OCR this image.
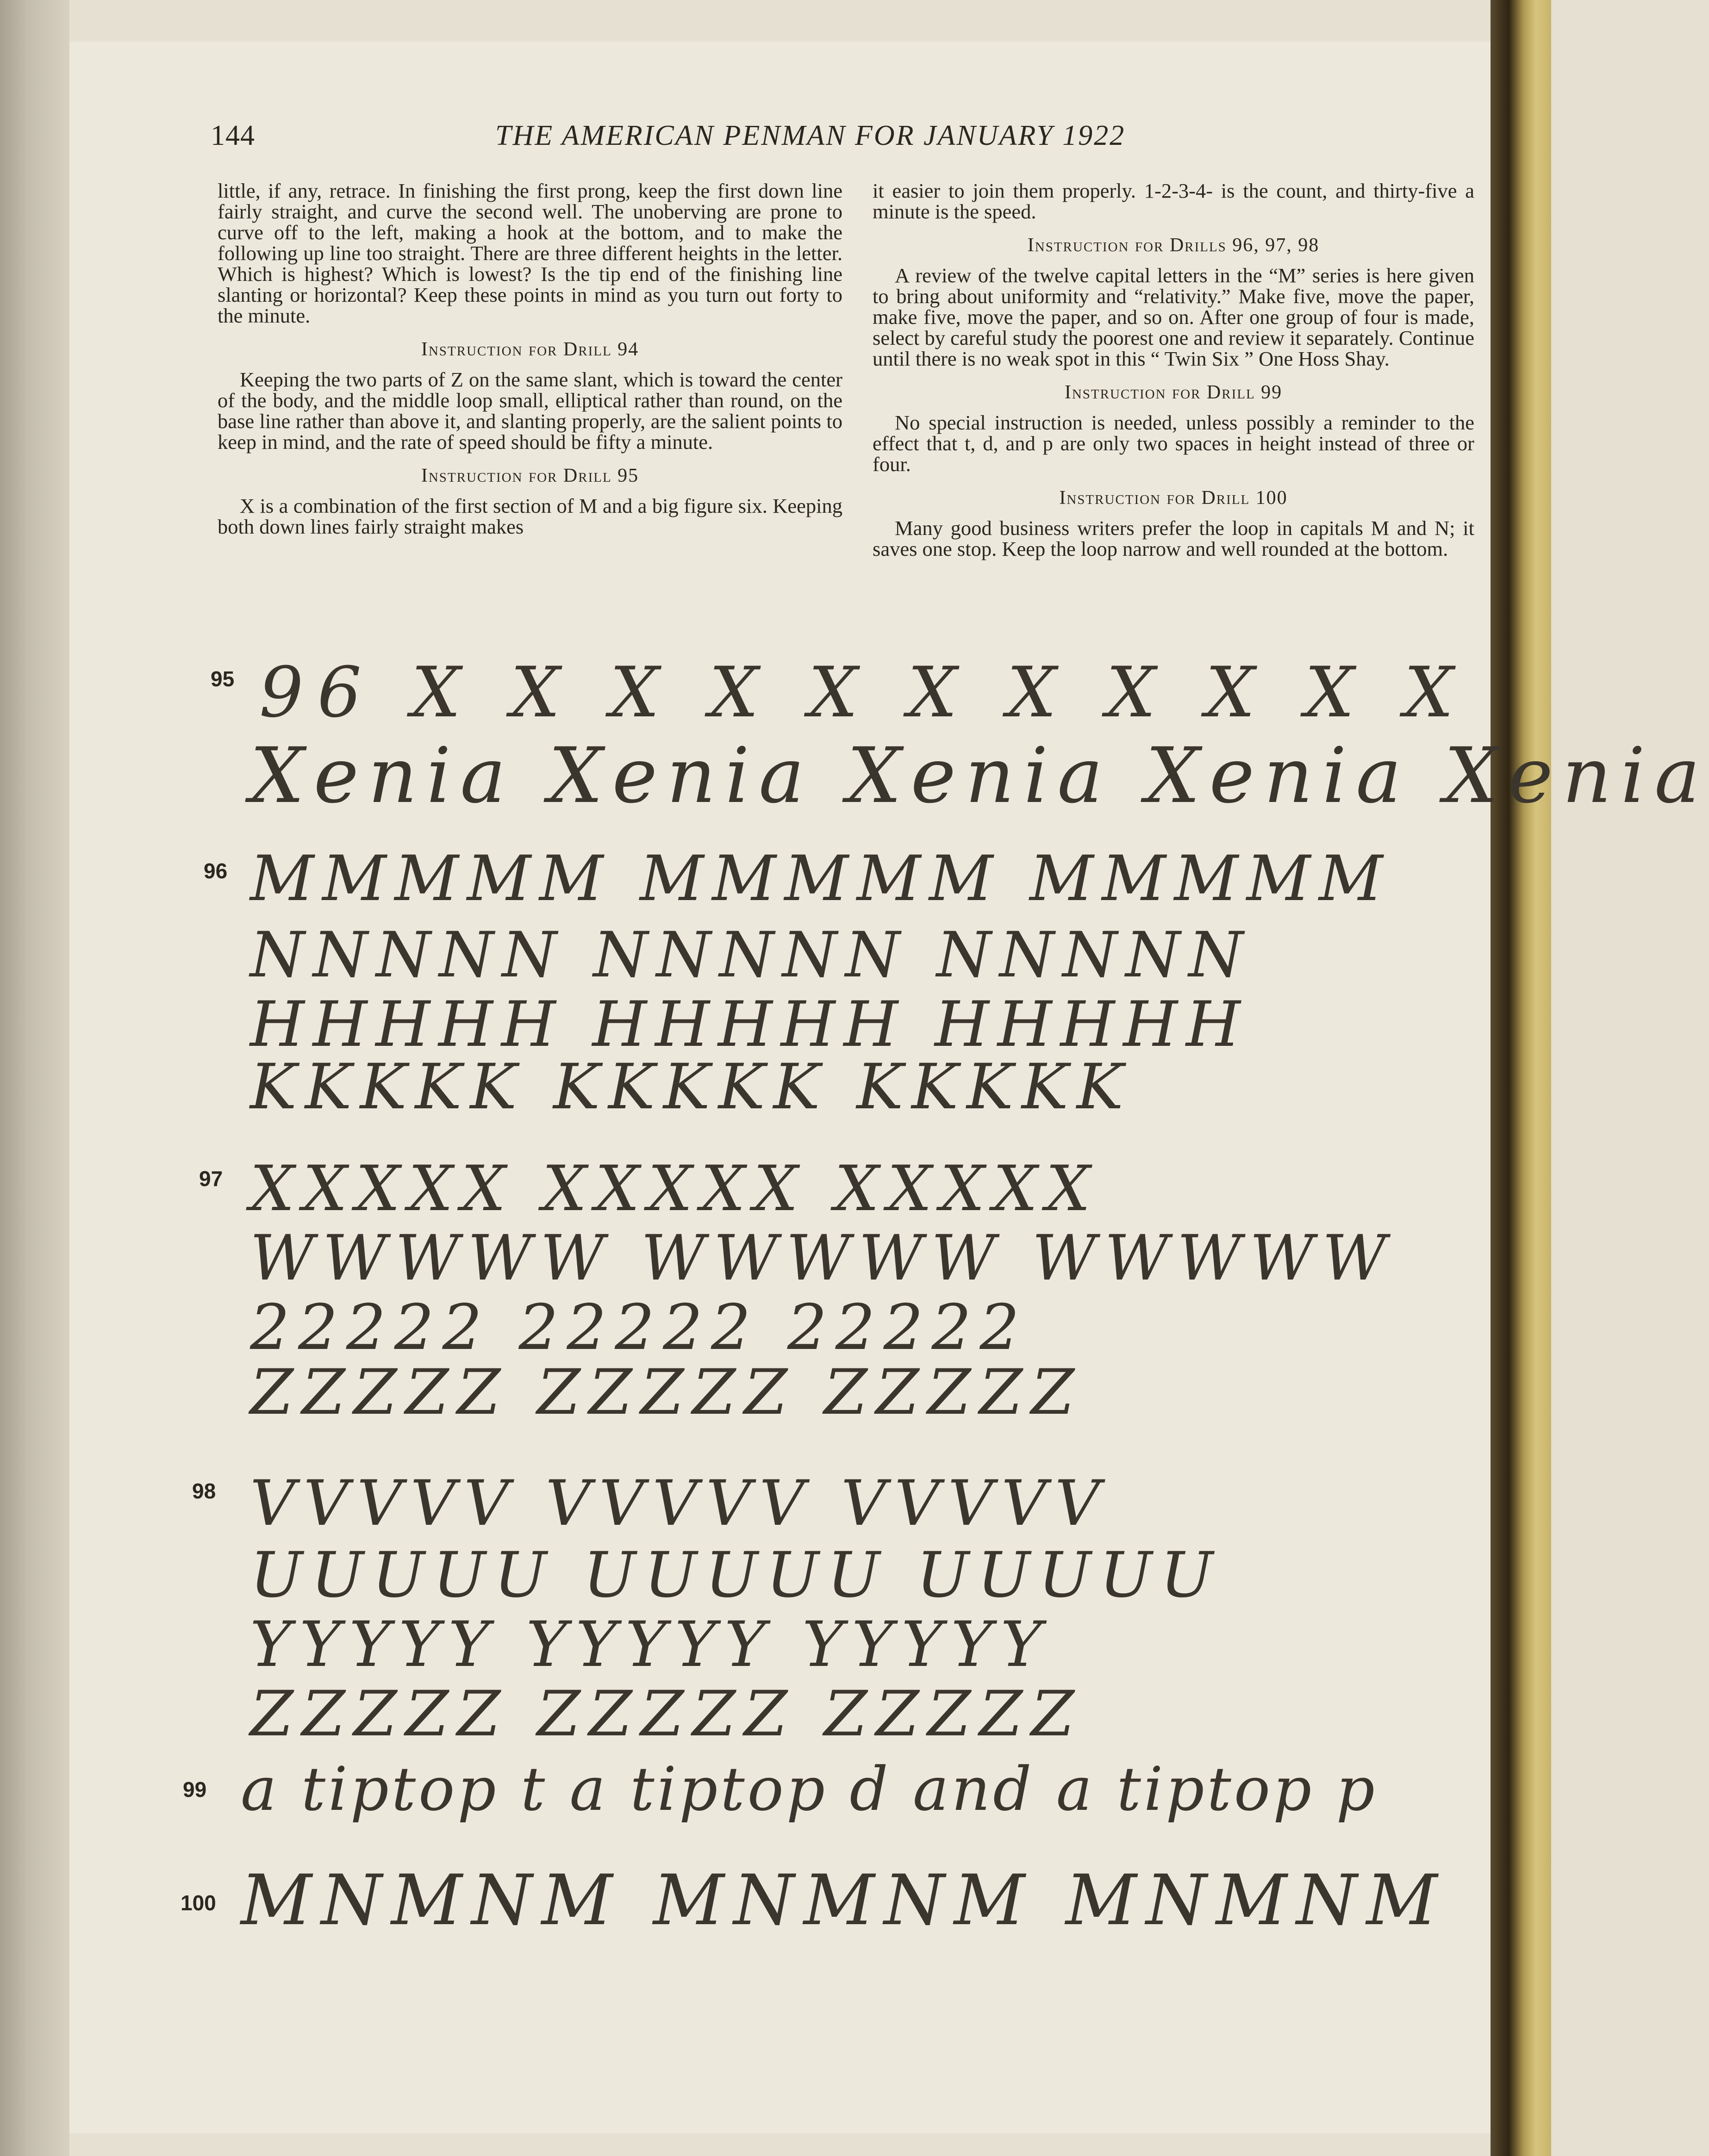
144	THE AMERICAN PENMAN FOR JANUARY 1922

little, if any, retrace. In finishing the first prong, keep the first down line fairly straight, and curve the second well. The unoberving are prone to curve off to the left, making a hook at the bottom, and to make the following up line too straight. There are three different heights in the letter. Which is highest? Which is lowest? Is the tip end of the finishing line slanting or horizontal? Keep these points in mind as you turn out forty to the minute.

Instruction for Drill 94

Keeping the two parts of Z on the same slant, which is toward the center of the body, and the middle loop small, elliptical rather than round, on the base line rather than above it, and slanting properly, are the salient points to keep in mind, and the rate of speed should be fifty a minute.

Instruction for Drill 95

X is a combination of the first section of M and a big figure six. Keeping both down lines fairly straight makes

it easier to join them properly. 1-2-3-4- is the count, and thirty-five a minute is the speed.

Instruction for Drills 96, 97, 98

A review of the twelve capital letters in the “M” series is here given to bring about uniformity and “relativity.” Make five, move the paper, make five, move the paper, and so on. After one group of four is made, select by careful study the poorest one and review it separately. Continue until there is no weak spot in this “ Twin Six ” One Hoss Shay.

Instruction for Drill 99

No special instruction is needed, unless possibly a reminder to the effect that t, d, and p are only two spaces in height instead of three or four.

Instruction for Drill 100

Many good business writers prefer the loop in capitals M and N; it saves one stop. Keep the loop narrow and well rounded at the bottom.

95 96 X X X X X X X X X X X
Xenia Xenia Xenia Xenia Xenia
96 MMMMM MMMMM MMMMM
NNNNN NNNNN NNNNN
HHHHH HHHHH HHHHH
KKKKK KKKKK KKKKK
97 XXXXX XXXXX XXXXX
WWWWW WWWWW WWWWW
22222 22222 22222
ZZZZZ ZZZZZ ZZZZZ
98 VVVVV VVVVV VVVVV
UUUUU UUUUU UUUUU
YYYYY YYYYY YYYYY
ZZZZZ ZZZZZ ZZZZZ
99 a tiptop t a tiptop d and a tiptop p
100 MNMNM MNMNM MNMNM
